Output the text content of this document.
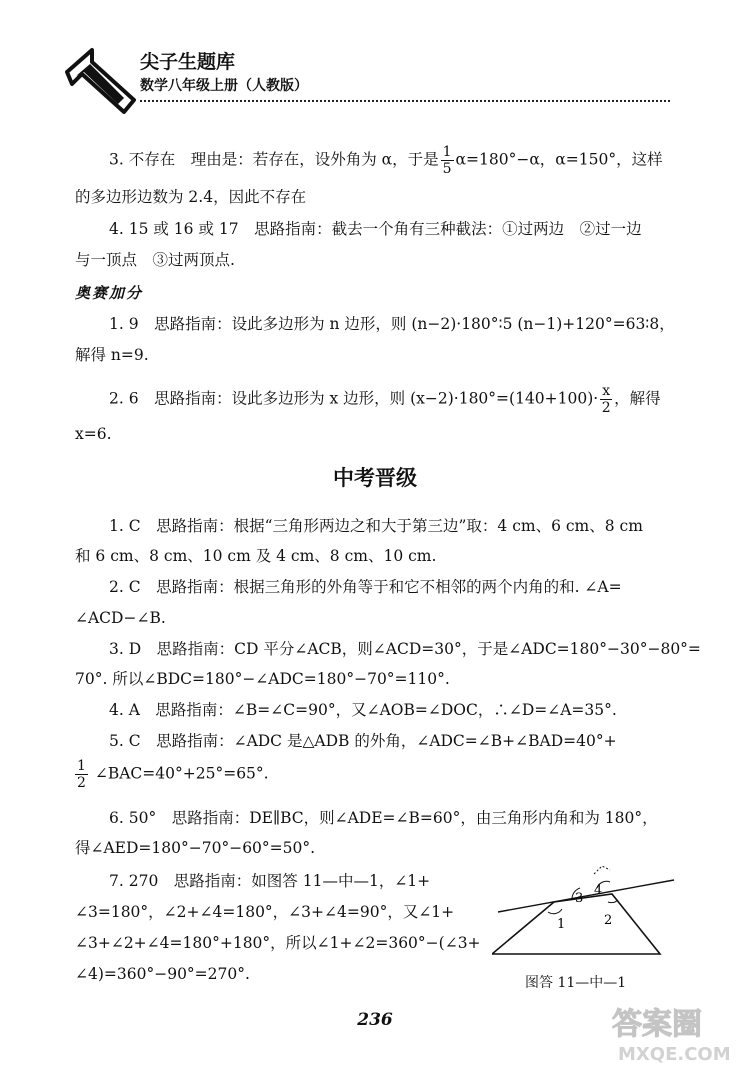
尖子生题库
数学八年级上册（人教版）
3. 不存在　理由是：若存在，设外角为 α，于是 $\frac{1}{5} \alpha=180^\circ-\alpha$，α=150°，这样
的多边形边数为 2.4，因此不存在
4. 15 或 16 或 17　思路指南：截去一个角有三种截法：①过两边　②过一边
与一顶点　③过两顶点.
奥赛加分
1. 9　思路指南：设此多边形为 n 边形，则 (n−2)·180°∶5 (n−1)+120°=63∶8，
解得 n=9.
2. 6　思路指南：设此多边形为 x 边形，则 $(x-2)\cdot 180^\circ=(140+100)\cdot \frac{x}{2}$ ，解得
x=6.
中考晋级
1. C　思路指南：根据“三角形两边之和大于第三边”取：4 cm、6 cm、8 cm
和 6 cm、8 cm、10 cm 及 4 cm、8 cm、10 cm.
2. C　思路指南：根据三角形的外角等于和它不相邻的两个内角的和. ∠A=
∠ACD−∠B.
3. D　思路指南：CD 平分∠ACB，则∠ACD=30°，于是∠ADC=180°−30°−80°=
70°. 所以∠BDC=180°−∠ADC=180°−70°=110°.
4. A　思路指南：∠B=∠C=90°，又∠AOB=∠DOC，∴∠D=∠A=35°.
5. C　思路指南：∠ADC 是△ADB 的外角，∠ADC=∠B+∠BAD=40°+
$\frac{1}{2}$ ∠BAC=40°+25°=65°.
6. 50°　思路指南：DE∥BC，则∠ADE=∠B=60°，由三角形内角和为 180°，
得∠AED=180°−70°−60°=50°.
7. 270　思路指南：如图答 11—中—1，∠1+
∠3=180°，∠2+∠4=180°，∠3+∠4=90°，又∠1+
∠3+∠2+∠4=180°+180°，所以∠1+∠2=360°−(∠3+
∠4)=360°−90°=270°.
1	2
3
4
图答 11—中—1
236	答案圈
MXQE.COM
